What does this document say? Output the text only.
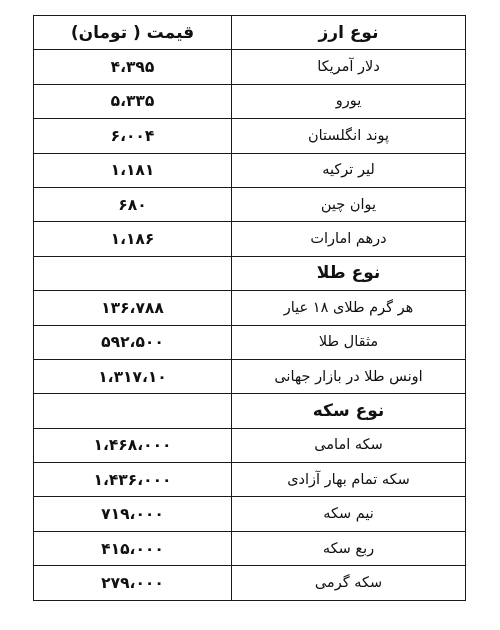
نوع ارز	قیمت ( تومان)
دلار آمریکا	۴،۳۹۵
یورو	۵،۳۳۵
پوند انگلستان	۶،۰۰۴
لیر ترکیه	۱،۱۸۱
یوان چین	۶۸۰
درهم امارات	۱،۱۸۶
نوع طلا	
هر گرم طلای ۱۸ عیار	۱۳۶،۷۸۸
مثقال طلا	۵۹۲،۵۰۰
اونس طلا در بازار جهانی	۱،۳۱۷،۱۰
نوع سکه	
سکه امامی	۱،۴۶۸،۰۰۰
سکه تمام بهار آزادی	۱،۴۳۶،۰۰۰
نیم سکه	۷۱۹،۰۰۰
ربع سکه	۴۱۵،۰۰۰
سکه گرمی	۲۷۹،۰۰۰
